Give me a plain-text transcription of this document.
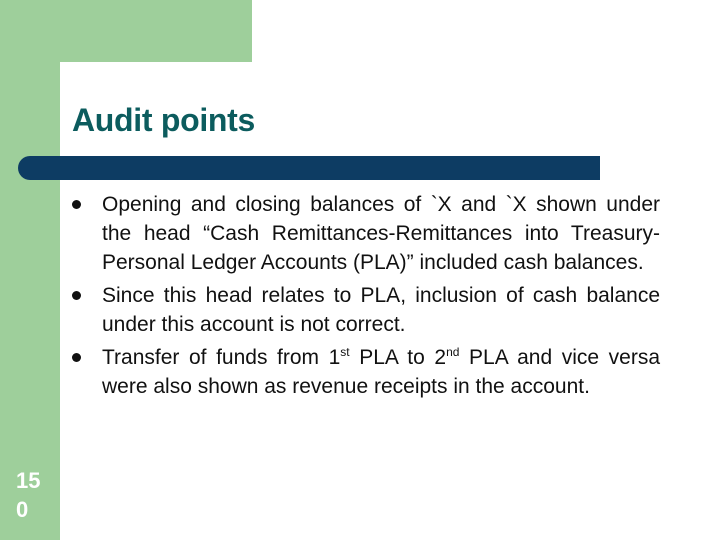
Audit points
Opening and closing balances of `X and `X shown under the head “Cash Remittances-Remittances into Treasury- Personal Ledger Accounts (PLA)” included cash balances.
Since this head relates to PLA, inclusion of cash balance under this account is not correct.
Transfer of funds from 1st PLA to 2nd PLA and vice versa were also shown as revenue receipts in the account.
150
